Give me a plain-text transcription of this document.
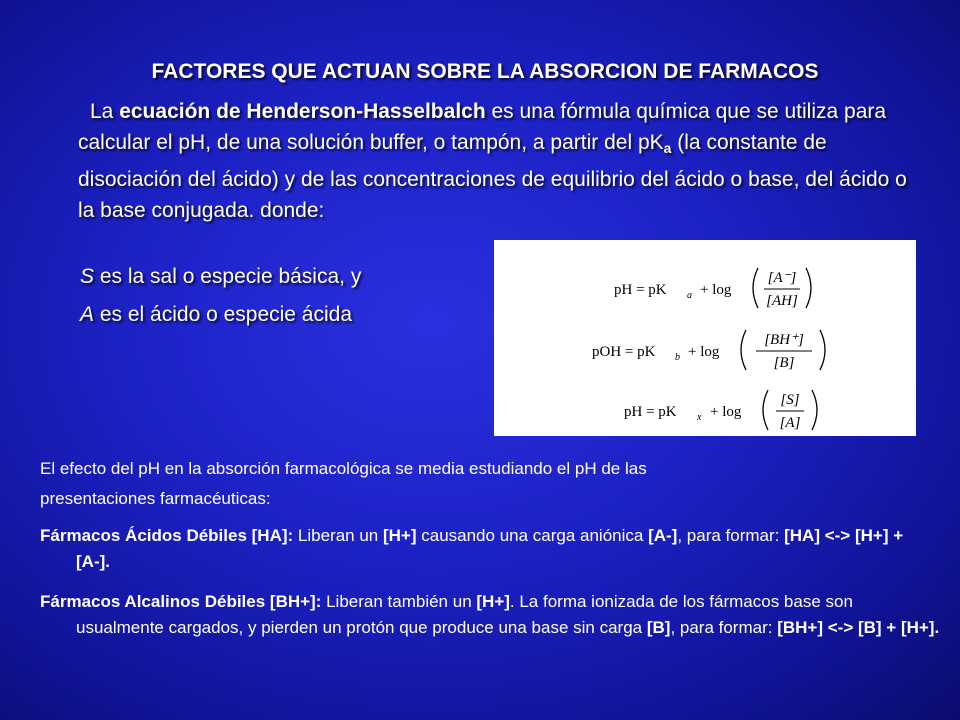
FACTORES QUE ACTUAN SOBRE LA ABSORCION DE FARMACOS

La ecuación de Henderson-Hasselbalch es una fórmula química que se utiliza para calcular el pH, de una solución buffer, o tampón, a partir del $pK_a$ (la constante de disociación del ácido) y de las concentraciones de equilibrio del ácido o base, del ácido o la base conjugada. donde:

S es la sal o especie básica, y

A es el ácido o especie ácida

pH = pK a + log
[A⁻]
[AH]
pOH = pK b + log
[BH⁺]
[B]
pH = pK x + log
[S]
[A]

El efecto del pH en la absorción farmacológica se media estudiando el pH de las

presentaciones farmacéuticas:

Fármacos Ácidos Débiles [HA]: Liberan un [H+] causando una carga aniónica [A-], para formar: [HA] <-> [H+] + [A-].

Fármacos Alcalinos Débiles [BH+]: Liberan también un [H+]. La forma ionizada de los fármacos base son usualmente cargados, y pierden un protón que produce una base sin carga [B], para formar: [BH+] <-> [B] + [H+].
